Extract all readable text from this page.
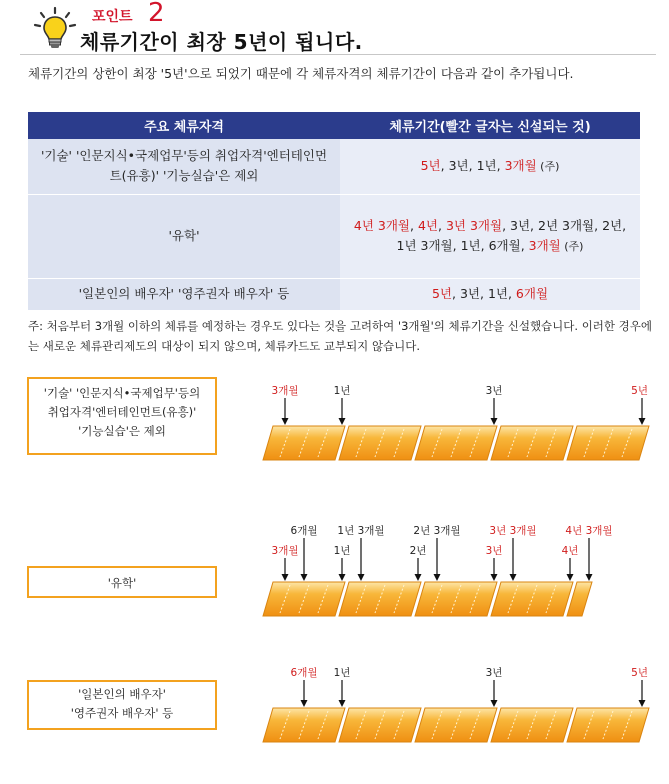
포인트 2
체류기간이 최장 5년이 됩니다.
체류기간의 상한이 최장 '5년'으로 되었기 때문에 각 체류자격의 체류기간이 다음과 같이 추가됩니다.
주요 체류자격	체류기간(빨간 글자는 신설되는 것)
'기술' '인문지식•국제업무'등의 취업자격'엔터테인먼트(유흥)' '기능실습'은 제외	5년, 3년, 1년, 3개월 (주)
'유학'	4년 3개월, 4년, 3년 3개월, 3년, 2년 3개월, 2년, 1년 3개월, 1년, 6개월, 3개월 (주)
'일본인의 배우자' '영주권자 배우자' 등	5년, 3년, 1년, 6개월
주: 처음부터 3개월 이하의 체류를 예정하는 경우도 있다는 것을 고려하여 '3개월'의 체류기간을 신설했습니다. 이러한 경우에는 새로운 체류관리제도의 대상이 되지 않으며, 체류카드도 교부되지 않습니다.
'기술' '인문지식•국제업무'등의
취업자격'엔터테인먼트(유흥)'
'기능실습'은 제외
3개월	1년	3년	5년
'유학'
6개월 1년 3개월	2년 3개월	3년 3개월	4년 3개월
3개월	1년	2년	3년	4년
'일본인의 배우자'
'영주권자 배우자' 등
6개월 1년	3년	5년
